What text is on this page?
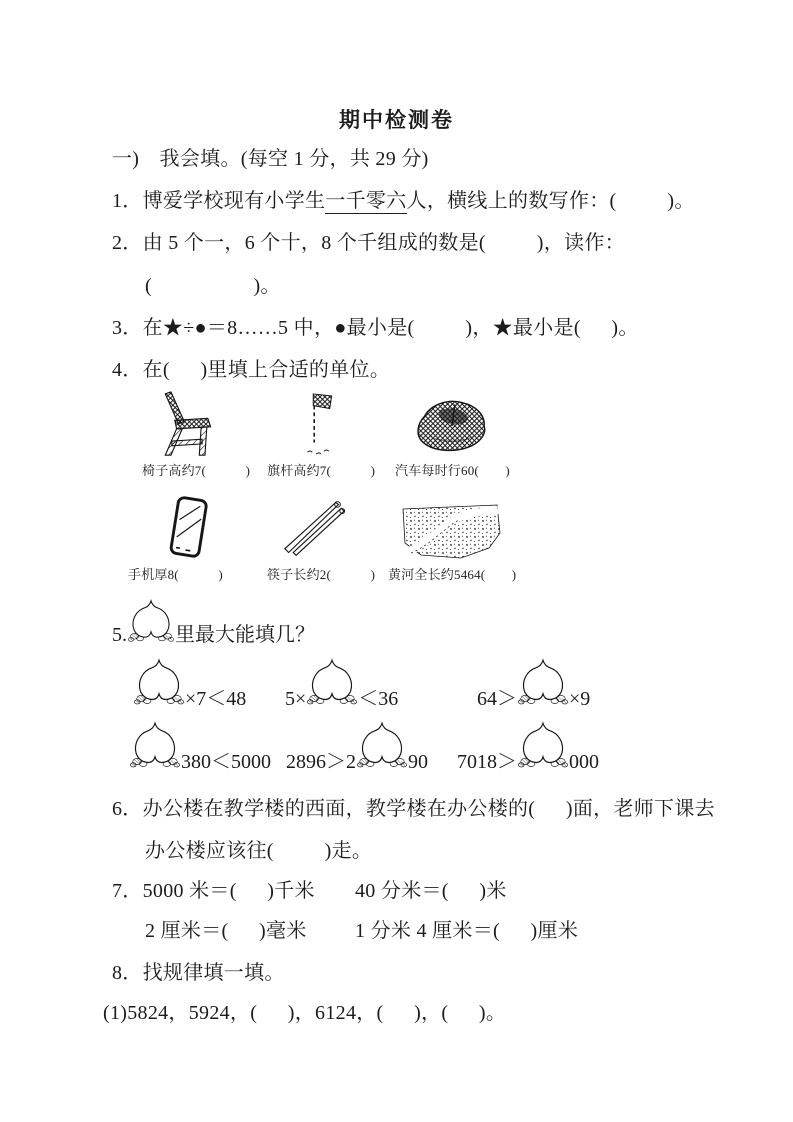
期中检测卷
一)　我会填。(每空 1 分，共 29 分)
1．博爱学校现有小学生一千零六人，横线上的数写作：(　　 )。
2．由 5 个一，6 个十，8 个千组成的数是(　　 )，读作：
(　　　　　)。
3．在★÷●＝8……5 中，●最小是(　　 )，★最小是(　 )。
4．在(　 )里填上合适的单位。
椅子高约7(　　　) 旗杆高约7(　　　) 汽车每时行60(　　)
手机厚8(　　　)	筷子长约2(　　　) 黄河全长约5464(　　)
5. 里最大能填几？
×7＜48 5×	＜36	64＞	×9
380＜5000 2896＞2	90 7018＞	000
6．办公楼在教学楼的西面，教学楼在办公楼的(　 )面，老师下课去
办公楼应该往(　　 )走。
7．5000 米＝(　 )千米 40 分米＝(　 )米
2 厘米＝(　 )毫米 1 分米 4 厘米＝(　 )厘米
8．找规律填一填。
(1)5824，5924，(　 )，6124，(　 )，(　 )。
